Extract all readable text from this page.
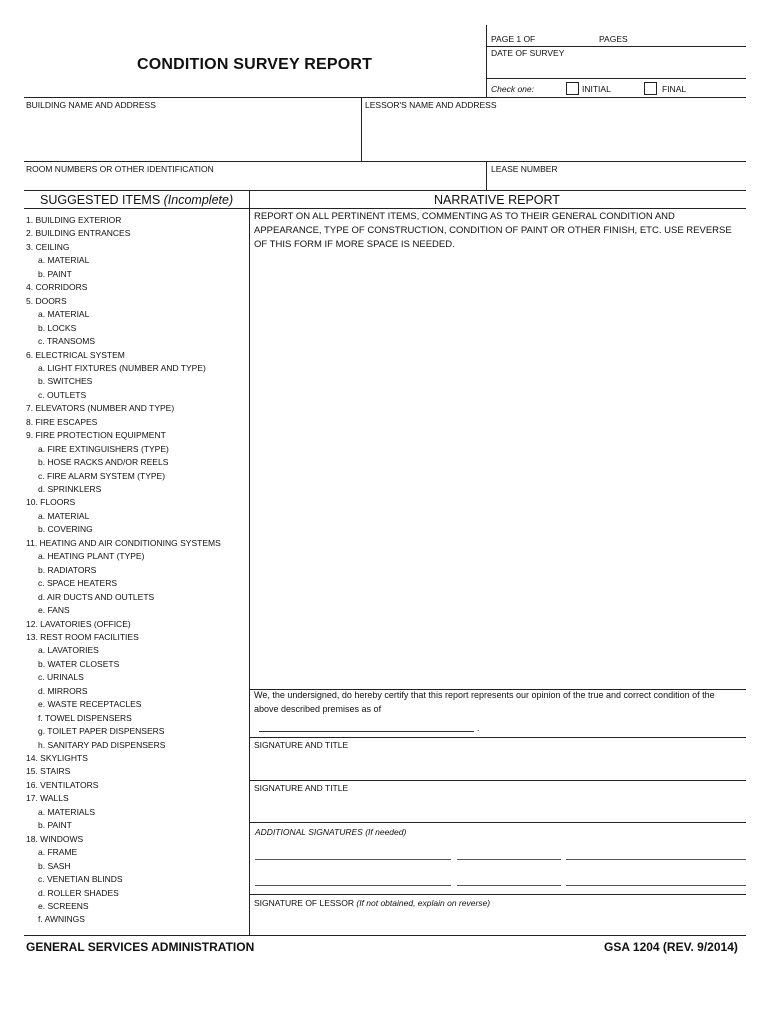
CONDITION SURVEY REPORT
PAGE 1 OF	PAGES
DATE OF SURVEY
Check one:	INITIAL	FINAL
BUILDING NAME AND ADDRESS	LESSOR'S NAME AND ADDRESS
ROOM NUMBERS OR OTHER IDENTIFICATION	LEASE NUMBER
SUGGESTED ITEMS (Incomplete)	NARRATIVE REPORT
1. BUILDING EXTERIOR
2. BUILDING ENTRANCES
3. CEILING
a. MATERIAL
b. PAINT
4. CORRIDORS
5. DOORS
a. MATERIAL
b. LOCKS
c. TRANSOMS
6. ELECTRICAL SYSTEM
a. LIGHT FIXTURES (NUMBER AND TYPE)
b. SWITCHES
c. OUTLETS
7. ELEVATORS (NUMBER AND TYPE)
8. FIRE ESCAPES
9. FIRE PROTECTION EQUIPMENT
a. FIRE EXTINGUISHERS (TYPE)
b. HOSE RACKS AND/OR REELS
c. FIRE ALARM SYSTEM (TYPE)
d. SPRINKLERS
10. FLOORS
a. MATERIAL
b. COVERING
11. HEATING AND AIR CONDITIONING SYSTEMS
a. HEATING PLANT (TYPE)
b. RADIATORS
c. SPACE HEATERS
d. AIR DUCTS AND OUTLETS
e. FANS
12. LAVATORIES (OFFICE)
13. REST ROOM FACILITIES
a. LAVATORIES
b. WATER CLOSETS
c. URINALS
d. MIRRORS
e. WASTE RECEPTACLES
f. TOWEL DISPENSERS
g. TOILET PAPER DISPENSERS
h. SANITARY PAD DISPENSERS
14. SKYLIGHTS
15. STAIRS
16. VENTILATORS
17. WALLS
a. MATERIALS
b. PAINT
18. WINDOWS
a. FRAME
b. SASH
c. VENETIAN BLINDS
d. ROLLER SHADES
e. SCREENS
f. AWNINGS
REPORT ON ALL PERTINENT ITEMS, COMMENTING AS TO THEIR GENERAL CONDITION AND APPEARANCE, TYPE OF CONSTRUCTION, CONDITION OF PAINT OR OTHER FINISH, ETC. USE REVERSE OF THIS FORM IF MORE SPACE IS NEEDED.
We, the undersigned, do hereby certify that this report represents our opinion of the true and correct condition of the above described premises as of
.
SIGNATURE AND TITLE
SIGNATURE AND TITLE
ADDITIONAL SIGNATURES (If needed)
SIGNATURE OF LESSOR (If not obtained, explain on reverse)
GENERAL SERVICES ADMINISTRATION	GSA 1204 (REV. 9/2014)
